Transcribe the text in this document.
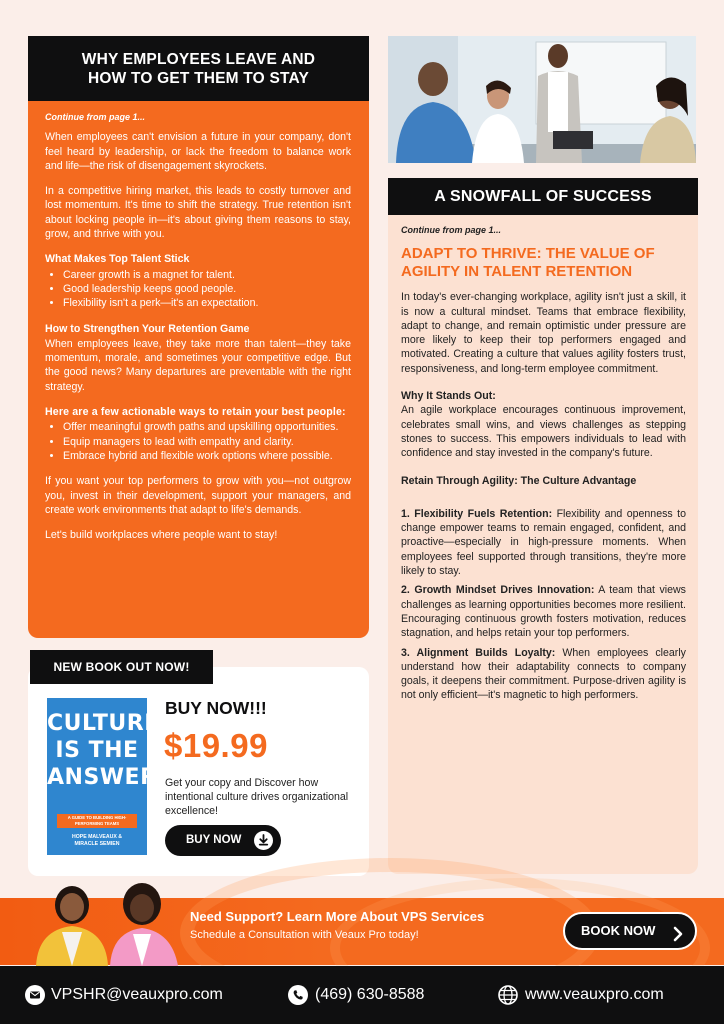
WHY EMPLOYEES LEAVE AND
HOW TO GET THEM TO STAY
Continue from page 1...

When employees can't envision a future in your company, don't feel heard by leadership, or lack the freedom to balance work and life—the risk of disengagement skyrockets.

In a competitive hiring market, this leads to costly turnover and lost momentum. It's time to shift the strategy. True retention isn't about locking people in—it's about giving them reasons to stay, grow, and thrive with you.

What Makes Top Talent Stick
• Career growth is a magnet for talent.
• Good leadership keeps good people.
• Flexibility isn't a perk—it's an expectation.
How to Strengthen Your Retention Game

When employees leave, they take more than talent—they take momentum, morale, and sometimes your competitive edge. But the good news? Many departures are preventable with the right strategy.

Here are a few actionable ways to retain your best people:
• Offer meaningful growth paths and upskilling opportunities.
• Equip managers to lead with empathy and clarity.
• Embrace hybrid and flexible work options where possible.

If you want your top performers to grow with you—not outgrow you, invest in their development, support your managers, and create work environments that adapt to life's demands.

Let's build workplaces where people want to stay!

NEW BOOK OUT NOW!
CULTURE
IS THE
ANSWER
A GUIDE TO BUILDING HIGH-PERFORMING TEAMS
HOPE MALVEAUX &
MIRACLE SEMIEN
BUY NOW!!!
$19.99
Get your copy and Discover how intentional culture drives organizational excellence!
BUY NOW
A SNOWFALL OF SUCCESS
Continue from page 1...
ADAPT TO THRIVE: THE VALUE OF AGILITY IN TALENT RETENTION

In today's ever-changing workplace, agility isn't just a skill, it is now a cultural mindset. Teams that embrace flexibility, adapt to change, and remain optimistic under pressure are more likely to keep their top performers engaged and motivated. Creating a culture that values agility fosters trust, responsiveness, and long-term employee commitment.

Why It Stands Out:

An agile workplace encourages continuous improvement, celebrates small wins, and views challenges as stepping stones to success. This empowers individuals to lead with confidence and stay invested in the company's future.

Retain Through Agility: The Culture Advantage

1. Flexibility Fuels Retention: Flexibility and openness to change empower teams to remain engaged, confident, and proactive—especially in high-pressure moments. When employees feel supported through transitions, they're more likely to stay.

2. Growth Mindset Drives Innovation: A team that views challenges as learning opportunities becomes more resilient. Encouraging continuous growth fosters motivation, reduces stagnation, and helps retain your top performers.

3. Alignment Builds Loyalty: When employees clearly understand how their adaptability connects to company goals, it deepens their commitment. Purpose-driven agility is not only efficient—it's magnetic to high performers.

Need Support? Learn More About VPS Services
Schedule a Consultation with Veaux Pro today!	BOOK NOW
VPSHR@veauxpro.com	(469) 630-8588	www.veauxpro.com
